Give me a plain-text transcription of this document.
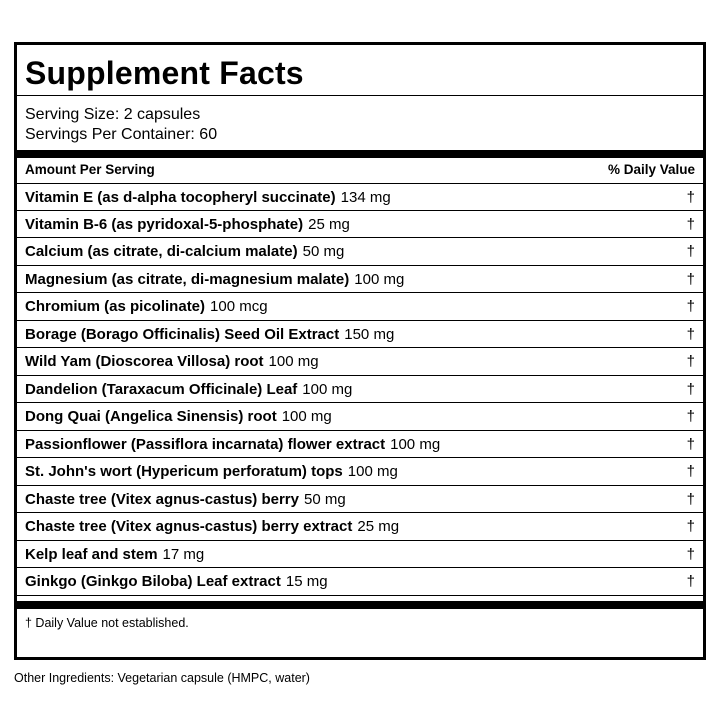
Supplement Facts
Serving Size: 2 capsules
Servings Per Container: 60
Amount Per Serving	% Daily Value
Vitamin E (as d-alpha tocopheryl succinate) 134 mg	†
Vitamin B-6 (as pyridoxal-5-phosphate) 25 mg	†
Calcium (as citrate, di-calcium malate) 50 mg	†
Magnesium (as citrate, di-magnesium malate) 100 mg	†
Chromium (as picolinate) 100 mcg	†
Borage (Borago Officinalis) Seed Oil Extract 150 mg	†
Wild Yam (Dioscorea Villosa) root 100 mg	†
Dandelion (Taraxacum Officinale) Leaf 100 mg	†
Dong Quai (Angelica Sinensis) root 100 mg	†
Passionflower (Passiflora incarnata) flower extract 100 mg	†
St. John's wort (Hypericum perforatum) tops 100 mg	†
Chaste tree (Vitex agnus-castus) berry 50 mg	†
Chaste tree (Vitex agnus-castus) berry extract 25 mg	†
Kelp leaf and stem 17 mg	†
Ginkgo (Ginkgo Biloba) Leaf extract 15 mg	†
† Daily Value not established.
Other Ingredients: Vegetarian capsule (HMPC, water)
